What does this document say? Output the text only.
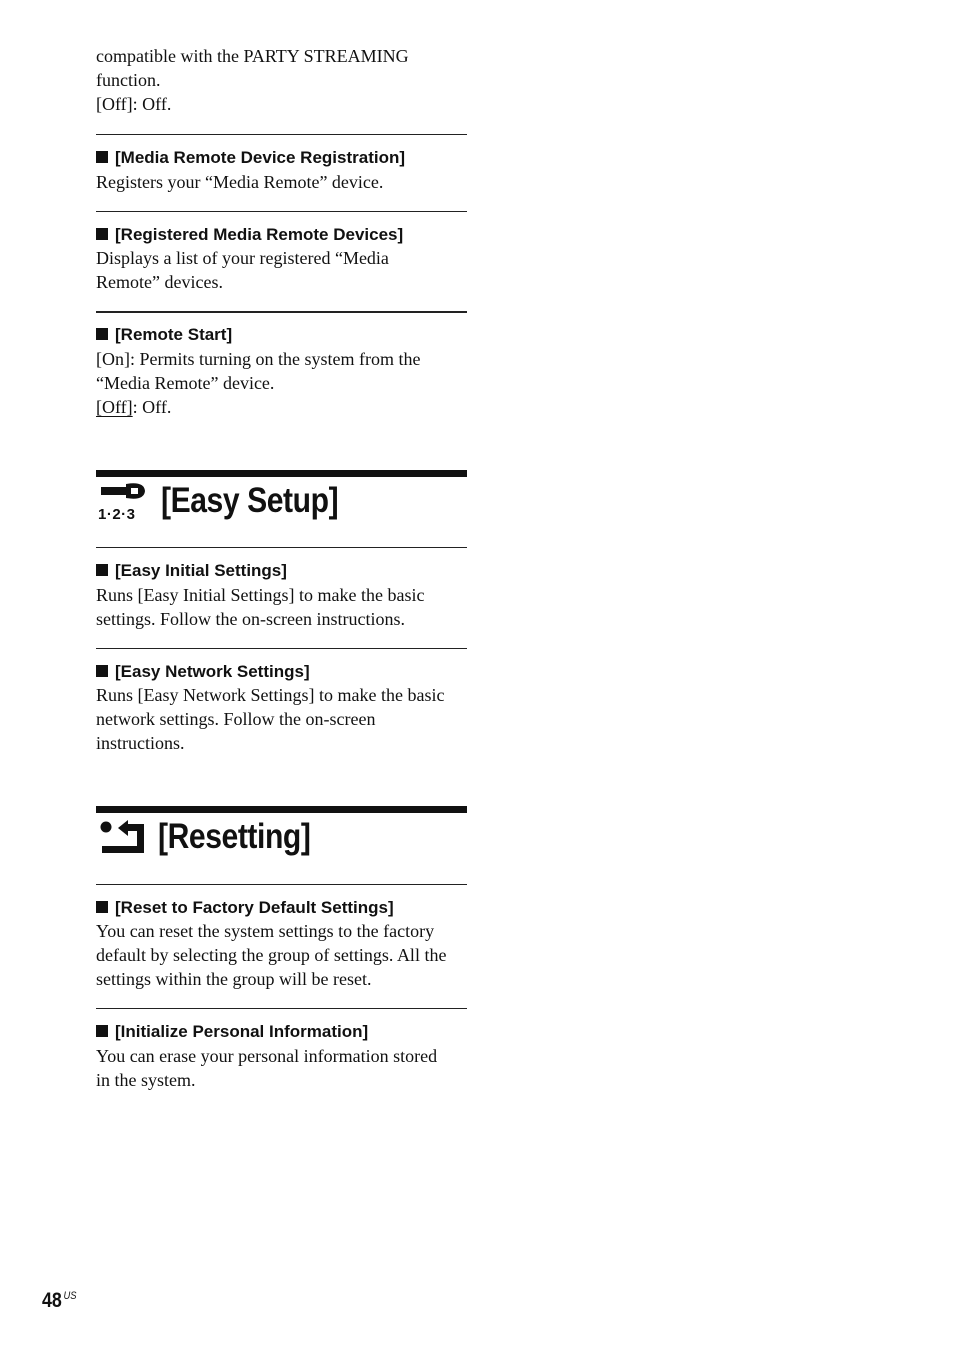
compatible with the PARTY STREAMING
function.
[Off]: Off.
[Media Remote Device Registration]
Registers your “Media Remote” device.
[Registered Media Remote Devices]
Displays a list of your registered “Media
Remote” devices.
[Remote Start]
[On]: Permits turning on the system from the
“Media Remote” device.
[Off]: Off.
1·2·3 [Easy Setup]
[Easy Initial Settings]
Runs [Easy Initial Settings] to make the basic
settings. Follow the on-screen instructions.
[Easy Network Settings]
Runs [Easy Network Settings] to make the basic
network settings. Follow the on-screen
instructions.
[Resetting]
[Reset to Factory Default Settings]
You can reset the system settings to the factory
default by selecting the group of settings. All the
settings within the group will be reset.
[Initialize Personal Information]
You can erase your personal information stored
in the system.
48 $^{US}$
